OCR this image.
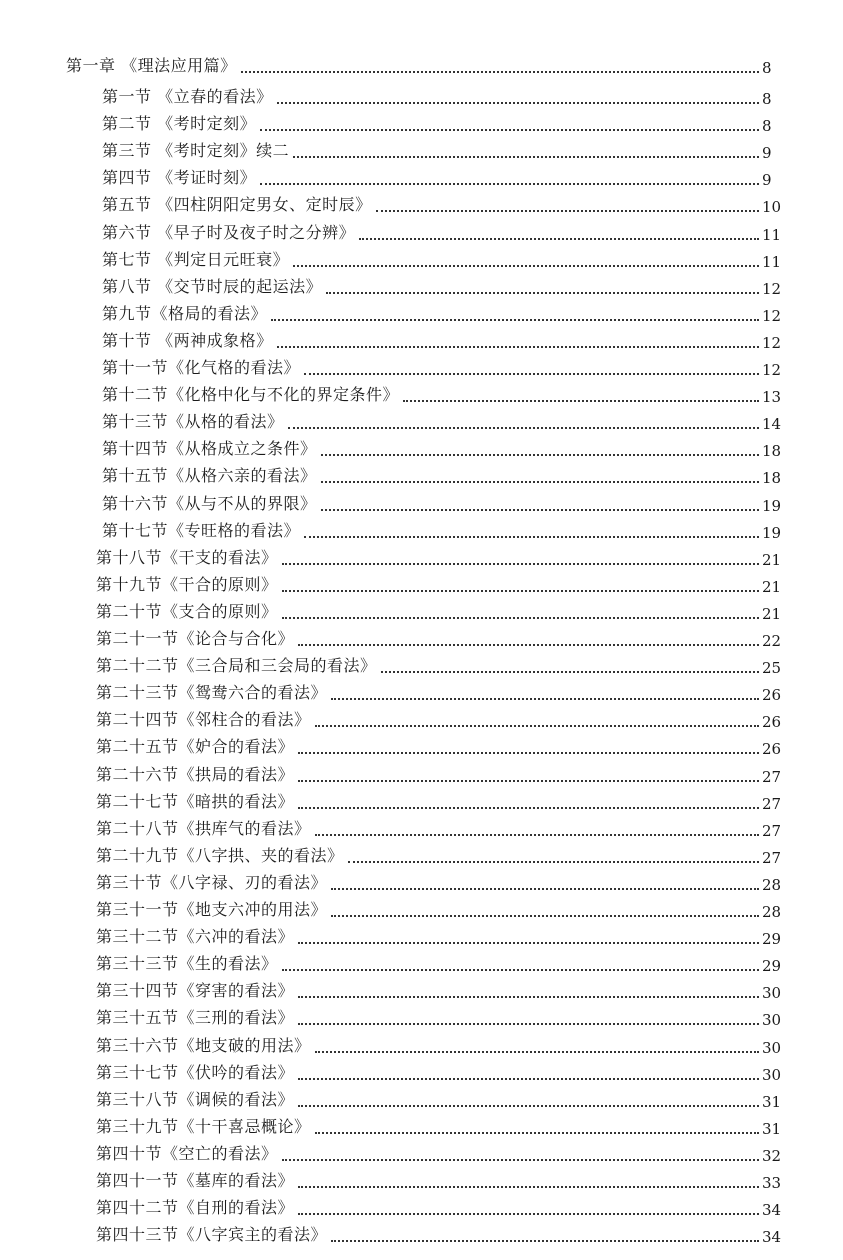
第一章 《理法应用篇》	8
第一节 《立春的看法》	8
第二节 《考时定刻》	8
第三节 《考时定刻》续二	9
第四节 《考证时刻》	9
第五节 《四柱阴阳定男女、定时辰》	10
第六节 《早子时及夜子时之分辨》	11
第七节 《判定日元旺衰》	11
第八节 《交节时辰的起运法》	12
第九节《格局的看法》	12
第十节 《两神成象格》	12
第十一节《化气格的看法》	12
第十二节《化格中化与不化的界定条件》	13
第十三节《从格的看法》	14
第十四节《从格成立之条件》	18
第十五节《从格六亲的看法》	18
第十六节《从与不从的界限》	19
第十七节《专旺格的看法》	19
第十八节《干支的看法》	21
第十九节《干合的原则》	21
第二十节《支合的原则》	21
第二十一节《论合与合化》	22
第二十二节《三合局和三会局的看法》	25
第二十三节《鸳鸯六合的看法》	26
第二十四节《邻柱合的看法》	26
第二十五节《妒合的看法》	26
第二十六节《拱局的看法》	27
第二十七节《暗拱的看法》	27
第二十八节《拱库气的看法》	27
第二十九节《八字拱、夹的看法》	27
第三十节《八字禄、刃的看法》	28
第三十一节《地支六冲的用法》	28
第三十二节《六冲的看法》	29
第三十三节《生的看法》	29
第三十四节《穿害的看法》	30
第三十五节《三刑的看法》	30
第三十六节《地支破的用法》	30
第三十七节《伏吟的看法》	30
第三十八节《调候的看法》	31
第三十九节《十干喜忌概论》	31
第四十节《空亡的看法》	32
第四十一节《墓库的看法》	33
第四十二节《自刑的看法》	34
第四十三节《八字宾主的看法》	34
